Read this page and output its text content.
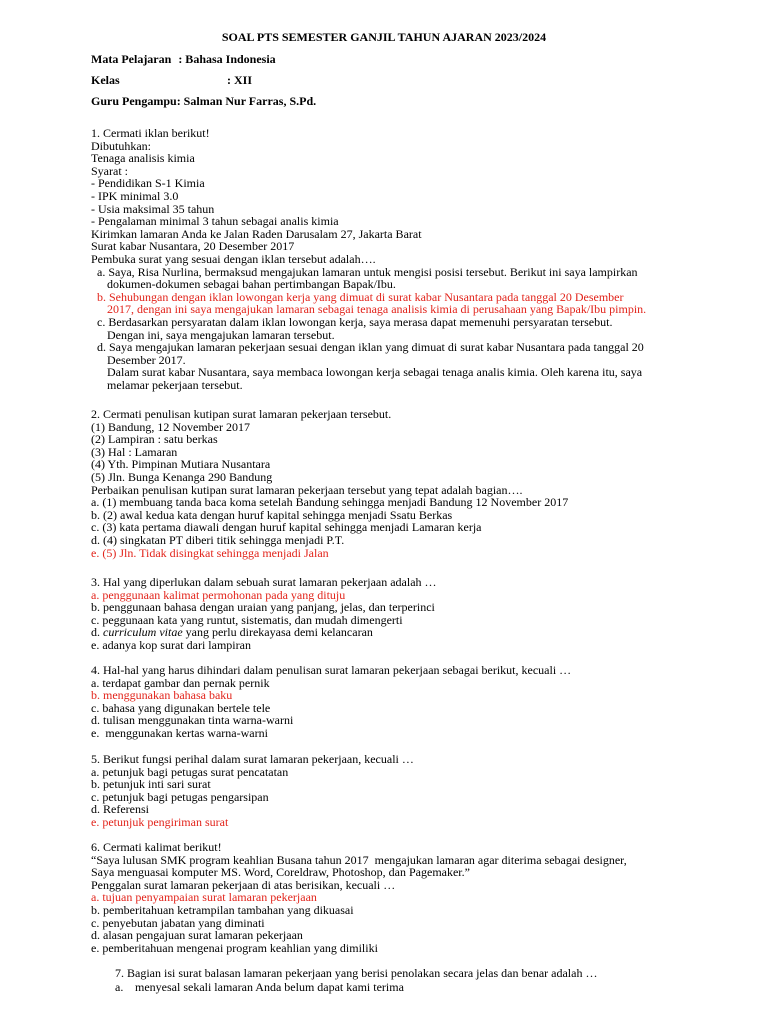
SOAL PTS SEMESTER GANJIL TAHUN AJARAN 2023/2024
Mata Pelajaran : Bahasa Indonesia
Kelas	: XII
Guru Pengampu: Salman Nur Farras, S.Pd.
1. Cermati iklan berikut!
Dibutuhkan:
Tenaga analisis kimia
Syarat :
- Pendidikan S-1 Kimia
- IPK minimal 3.0
- Usia maksimal 35 tahun
- Pengalaman minimal 3 tahun sebagai analis kimia
Kirimkan lamaran Anda ke Jalan Raden Darusalam 27, Jakarta Barat
Surat kabar Nusantara, 20 Desember 2017
Pembuka surat yang sesuai dengan iklan tersebut adalah….
a. Saya, Risa Nurlina, bermaksud mengajukan lamaran untuk mengisi posisi tersebut. Berikut ini saya lampirkan
dokumen-dokumen sebagai bahan pertimbangan Bapak/Ibu.
b. Sehubungan dengan iklan lowongan kerja yang dimuat di surat kabar Nusantara pada tanggal 20 Desember
2017, dengan ini saya mengajukan lamaran sebagai tenaga analisis kimia di perusahaan yang Bapak/Ibu pimpin.
c. Berdasarkan persyaratan dalam iklan lowongan kerja, saya merasa dapat memenuhi persyaratan tersebut.
Dengan ini, saya mengajukan lamaran tersebut.
d. Saya mengajukan lamaran pekerjaan sesuai dengan iklan yang dimuat di surat kabar Nusantara pada tanggal 20
Desember 2017.
Dalam surat kabar Nusantara, saya membaca lowongan kerja sebagai tenaga analis kimia. Oleh karena itu, saya
melamar pekerjaan tersebut.
2. Cermati penulisan kutipan surat lamaran pekerjaan tersebut.
(1) Bandung, 12 November 2017
(2) Lampiran : satu berkas
(3) Hal : Lamaran
(4) Yth. Pimpinan Mutiara Nusantara
(5) Jln. Bunga Kenanga 290 Bandung
Perbaikan penulisan kutipan surat lamaran pekerjaan tersebut yang tepat adalah bagian….
a. (1) membuang tanda baca koma setelah Bandung sehingga menjadi Bandung 12 November 2017
b. (2) awal kedua kata dengan huruf kapital sehingga menjadi Ssatu Berkas
c. (3) kata pertama diawali dengan huruf kapital sehingga menjadi Lamaran kerja
d. (4) singkatan PT diberi titik sehingga menjadi P.T.
e. (5) Jln. Tidak disingkat sehingga menjadi Jalan
3. Hal yang diperlukan dalam sebuah surat lamaran pekerjaan adalah …
a. penggunaan kalimat permohonan pada yang dituju
b. penggunaan bahasa dengan uraian yang panjang, jelas, dan terperinci
c. peggunaan kata yang runtut, sistematis, dan mudah dimengerti
d. curriculum vitae yang perlu direkayasa demi kelancaran
e. adanya kop surat dari lampiran
4. Hal-hal yang harus dihindari dalam penulisan surat lamaran pekerjaan sebagai berikut, kecuali …
a. terdapat gambar dan pernak pernik
b. menggunakan bahasa baku
c. bahasa yang digunakan bertele tele
d. tulisan menggunakan tinta warna-warni
e.  menggunakan kertas warna-warni
5. Berikut fungsi perihal dalam surat lamaran pekerjaan, kecuali …
a. petunjuk bagi petugas surat pencatatan
b. petunjuk inti sari surat
c. petunjuk bagi petugas pengarsipan
d. Referensi
e. petunjuk pengiriman surat
6. Cermati kalimat berikut!
“Saya lulusan SMK program keahlian Busana tahun 2017  mengajukan lamaran agar diterima sebagai designer,
Saya menguasai komputer MS. Word, Coreldraw, Photoshop, dan Pagemaker.”
Penggalan surat lamaran pekerjaan di atas berisikan, kecuali …
a. tujuan penyampaian surat lamaran pekerjaan
b. pemberitahuan ketrampilan tambahan yang dikuasai
c. penyebutan jabatan yang diminati
d. alasan pengajuan surat lamaran pekerjaan
e. pemberitahuan mengenai program keahlian yang dimiliki
7. Bagian isi surat balasan lamaran pekerjaan yang berisi penolakan secara jelas dan benar adalah …
a. menyesal sekali lamaran Anda belum dapat kami terima
